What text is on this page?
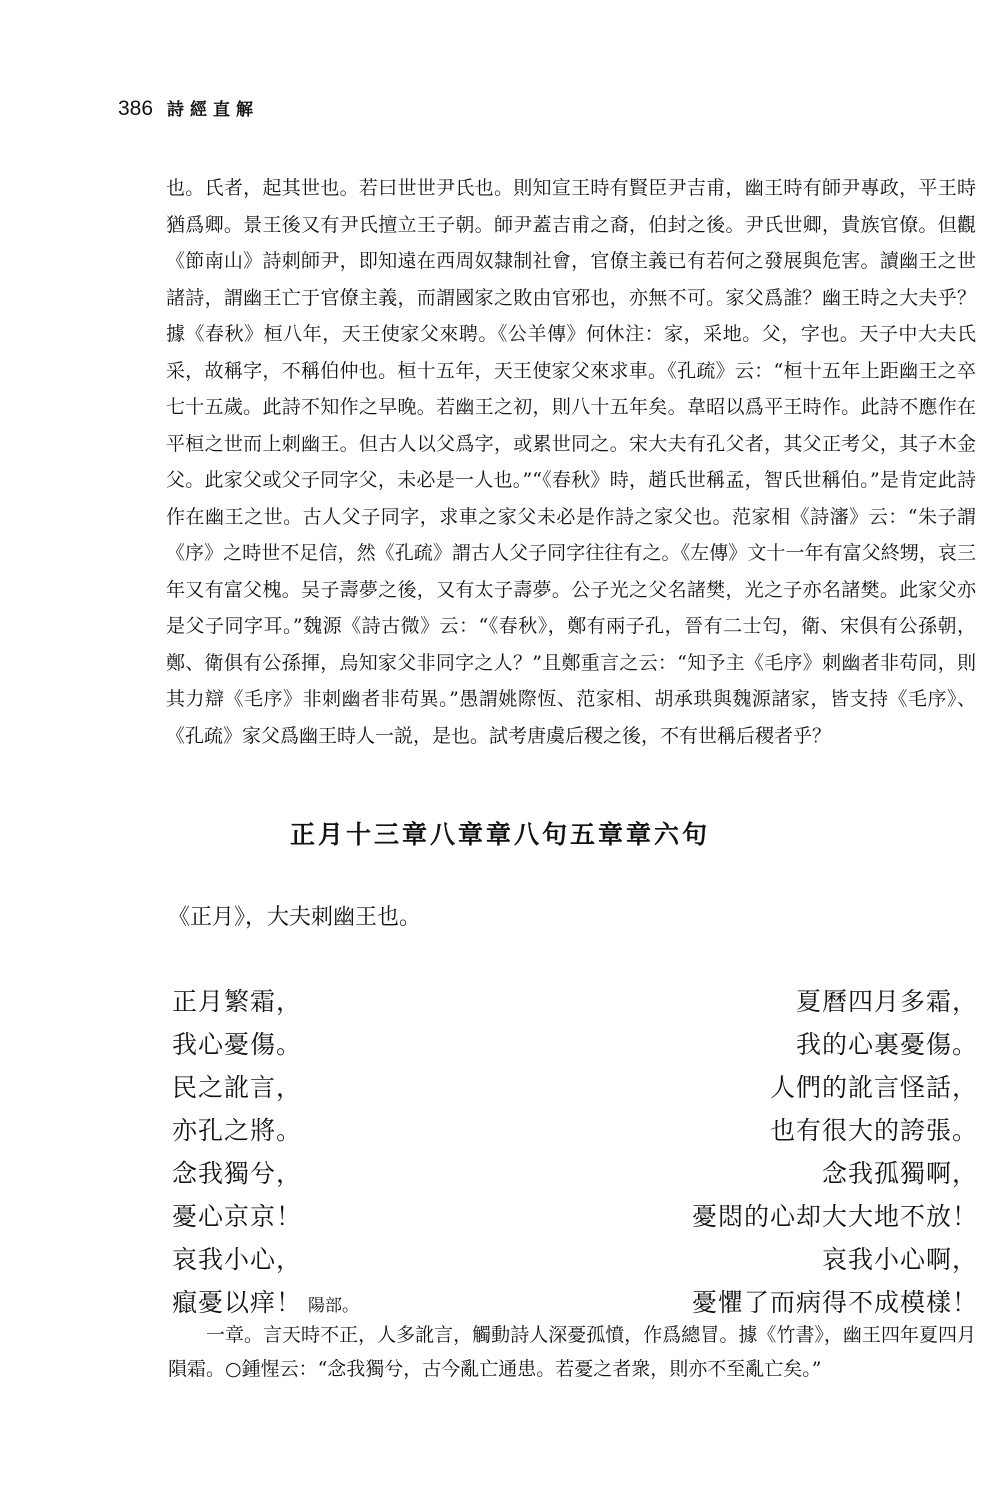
386 詩經直解
也。氏者，起其世也。若曰世世尹氏也。則知宣王時有賢臣尹吉甫，幽王時有師尹專政，平王時猶爲卿。景王後又有尹氏擅立王子朝。師尹蓋吉甫之裔，伯封之後。尹氏世卿，貴族官僚。但觀《節南山》詩刺師尹，即知遠在西周奴隸制社會，官僚主義已有若何之發展與危害。讀幽王之世諸詩，謂幽王亡于官僚主義，而謂國家之敗由官邪也，亦無不可。家父爲誰？幽王時之大夫乎？據《春秋》桓八年，天王使家父來聘。《公羊傳》何休注：家，采地。父，字也。天子中大夫氏采，故稱字，不稱伯仲也。桓十五年，天王使家父來求車。《孔疏》云：“桓十五年上距幽王之卒七十五歲。此詩不知作之早晚。若幽王之初，則八十五年矣。韋昭以爲平王時作。此詩不應作在平桓之世而上刺幽王。但古人以父爲字，或累世同之。宋大夫有孔父者，其父正考父，其子木金父。此家父或父子同字父，未必是一人也。”“《春秋》時，趙氏世稱孟，智氏世稱伯。”是肯定此詩作在幽王之世。古人父子同字，求車之家父未必是作詩之家父也。范家相《詩瀋》云：“朱子謂《序》之時世不足信，然《孔疏》謂古人父子同字往往有之。《左傳》文十一年有富父終甥，哀三年又有富父槐。吴子壽夢之後，又有太子壽夢。公子光之父名諸樊，光之子亦名諸樊。此家父亦是父子同字耳。”魏源《詩古微》云：“《春秋》，鄭有兩子孔，晉有二士匄，衛、宋俱有公孫朝，鄭、衛俱有公孫揮，烏知家父非同字之人？”且鄭重言之云：“知予主《毛序》刺幽者非苟同，則其力辯《毛序》非刺幽者非苟異。”愚謂姚際恆、范家相、胡承珙與魏源諸家，皆支持《毛序》、《孔疏》家父爲幽王時人一説，是也。試考唐虞后稷之後，不有世稱后稷者乎？
正月十三章八章章八句五章章六句
《正月》，大夫刺幽王也。
正月繁霜，	夏曆四月多霜，
我心憂傷。	我的心裏憂傷。
民之訛言，	人們的訛言怪話，
亦孔之將。	也有很大的誇張。
念我獨兮，	念我孤獨啊，
憂心京京！	憂悶的心却大大地不放！
哀我小心，	哀我小心啊，
癙憂以痒！ 陽部。	憂懼了而病得不成模樣！
一章。言天時不正，人多訛言，觸動詩人深憂孤憤，作爲總冒。據《竹書》，幽王四年夏四月隕霜。○鍾惺云：“念我獨兮，古今亂亡通患。若憂之者衆，則亦不至亂亡矣。”
